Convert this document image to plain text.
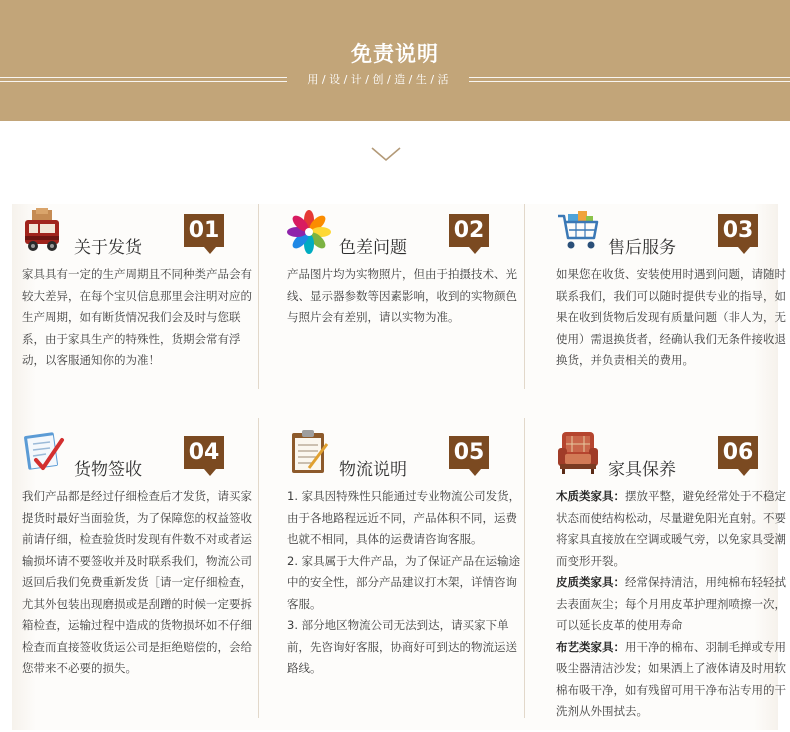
免责说明
用 / 设 / 计 / 创 / 造 / 生 / 活
关于发货
01
家具具有一定的生产周期且不同种类产品会有较大差异，在每个宝贝信息那里会注明对应的生产周期，如有断货情况我们会及时与您联系，由于家具生产的特殊性，货期会常有浮动，以客服通知你的为准！
色差问题
02
产品图片均为实物照片，但由于拍摄技术、光线、显示器参数等因素影响，收到的实物颜色与照片会有差别，请以实物为准。
售后服务
03
如果您在收货、安装使用时遇到问题，请随时联系我们，我们可以随时提供专业的指导，如果在收到货物后发现有质量问题（非人为，无使用）需退换货者，经确认我们无条件接收退换货，并负责相关的费用。
货物签收
04
我们产品都是经过仔细检查后才发货，请买家提货时最好当面验货，为了保障您的权益签收前请仔细，检查验货时发现有件数不对或者运输损坏请不要签收并及时联系我们，物流公司返回后我们免费重新发货［请一定仔细检查，尤其外包装出现磨损或是刮蹭的时候一定要拆箱检查，运输过程中造成的货物损坏如不仔细检查而直接签收货运公司是拒绝赔偿的，会给您带来不必要的损失。
物流说明
05

1. 家具因特殊性只能通过专业物流公司发货，由于各地路程远近不同，产品体积不同，运费也就不相同，具体的运费请咨询客服。

2. 家具属于大件产品，为了保证产品在运输途中的安全性，部分产品建议打木架，详情咨询客服。

3. 部分地区物流公司无法到达，请买家下单前，先咨询好客服，协商好可到达的物流运送路线。

家具保养
06

木质类家具：摆放平整，避免经常处于不稳定状态而使结构松动，尽量避免阳光直射。不要将家具直接放在空调或暖气旁，以免家具受潮而变形开裂。

皮质类家具：经常保持清洁，用纯棉布轻轻拭去表面灰尘；每个月用皮革护理剂喷擦一次，可以延长皮革的使用寿命

布艺类家具：用干净的棉布、羽制毛掸或专用吸尘器清洁沙发；如果洒上了液体请及时用软棉布吸干净，如有残留可用干净布沾专用的干洗剂从外围拭去。
